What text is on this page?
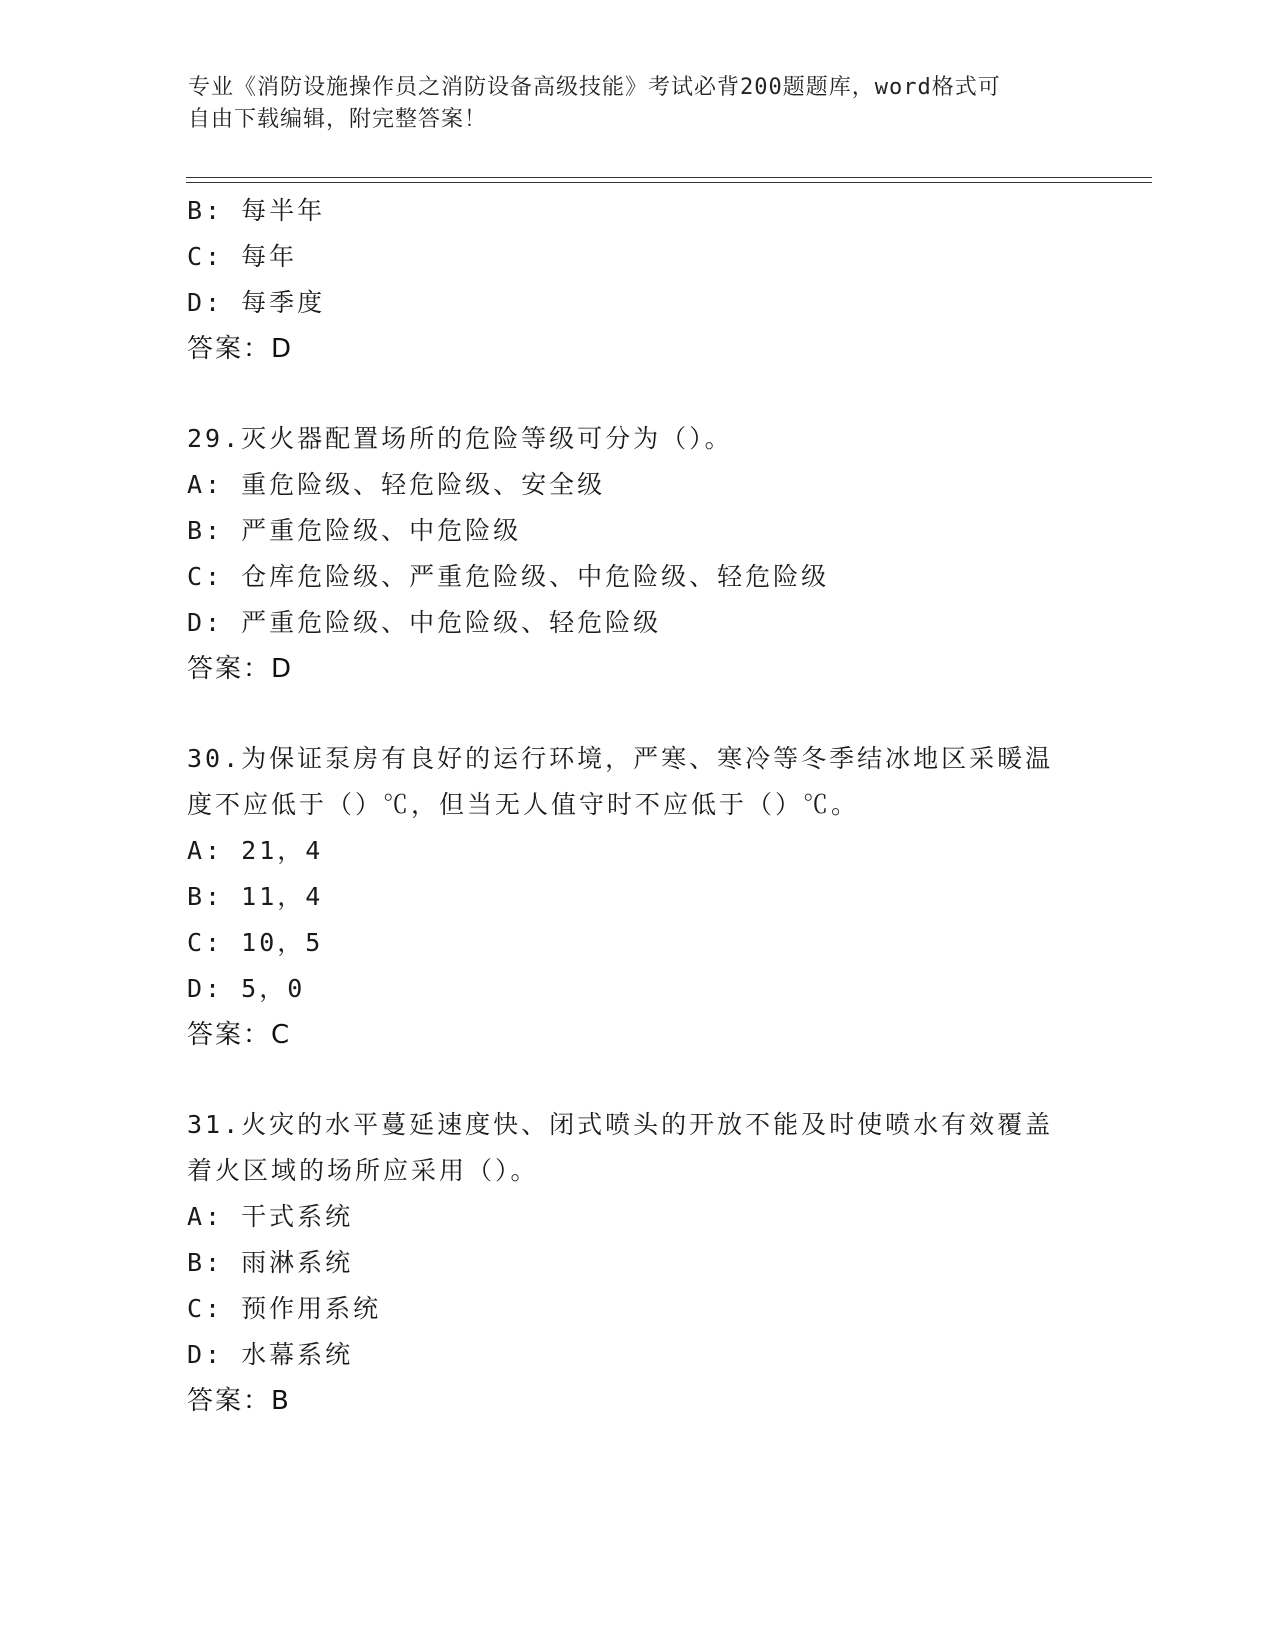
专业《消防设施操作员之消防设备高级技能》考试必背200题题库，word格式可
自由下载编辑，附完整答案！
B: 每半年
C: 每年
D: 每季度
答案：D
29.灭火器配置场所的危险等级可分为（）。
A: 重危险级、轻危险级、安全级
B: 严重危险级、中危险级
C: 仓库危险级、严重危险级、中危险级、轻危险级
D: 严重危险级、中危险级、轻危险级
答案：D
30.为保证泵房有良好的运行环境，严寒、寒冷等冬季结冰地区采暖温
度不应低于（）℃，但当无人值守时不应低于（）℃。
A: 21，4
B: 11，4
C: 10，5
D: 5，0
答案：C
31.火灾的水平蔓延速度快、闭式喷头的开放不能及时使喷水有效覆盖
着火区域的场所应采用（）。
A: 干式系统
B: 雨淋系统
C: 预作用系统
D: 水幕系统
答案：B
